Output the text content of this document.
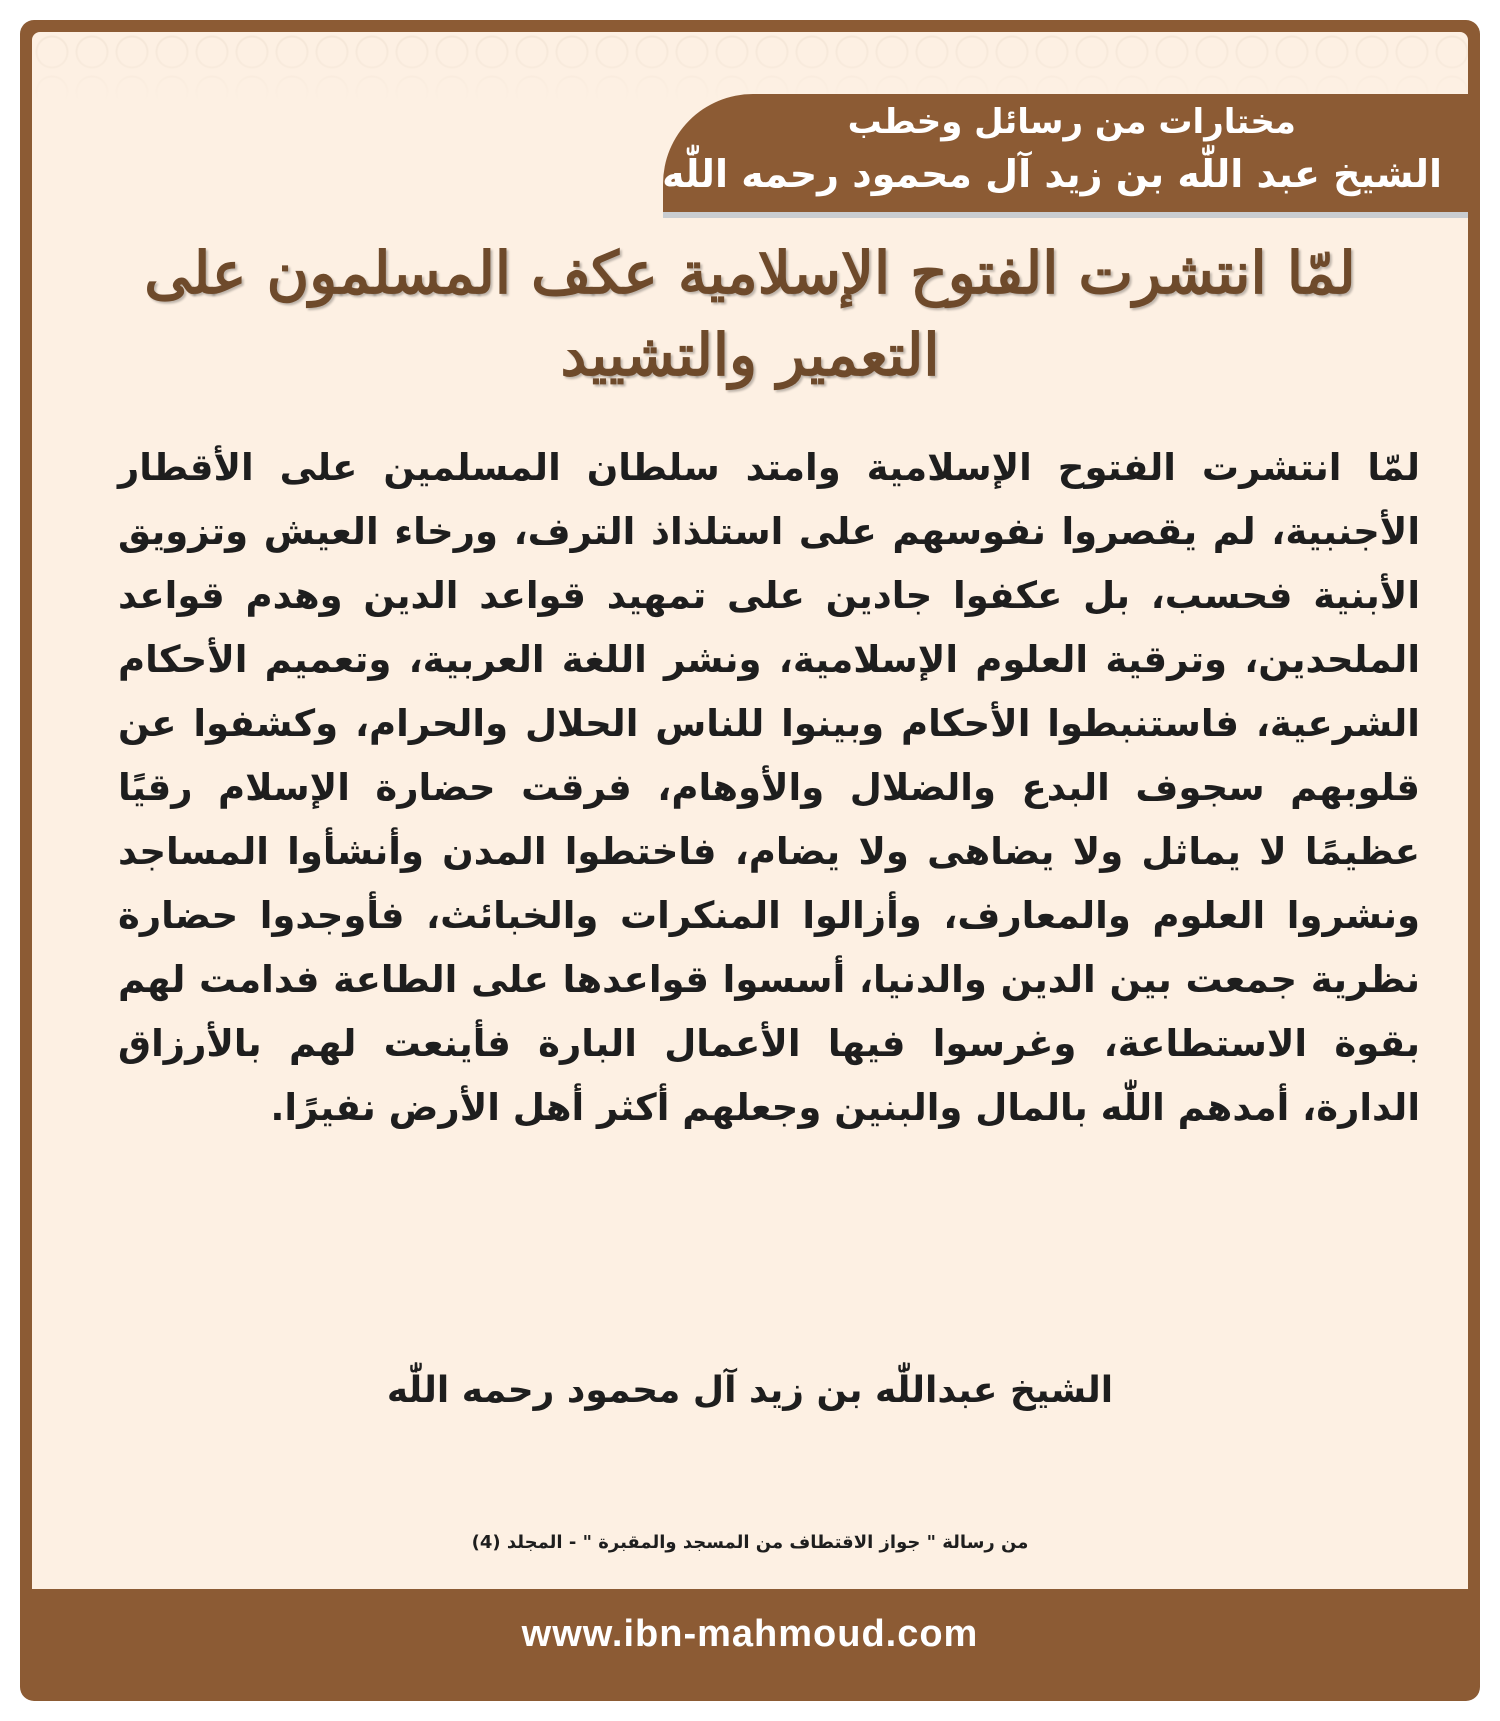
مختارات من رسائل وخطب
الشيخ عبد اللّٰه بن زيد آل محمود رحمه اللّٰه
لمّا انتشرت الفتوح الإسلامية عكف المسلمون على التعمير والتشييد
لمّا انتشرت الفتوح الإسلامية وامتد سلطان المسلمين على الأقطار الأجنبية، لم يقصروا نفوسهم على استلذاذ الترف، ورخاء العيش وتزويق الأبنية فحسب، بل عكفوا جادين على تمهيد قواعد الدين وهدم قواعد الملحدين، وترقية العلوم الإسلامية، ونشر اللغة العربية، وتعميم الأحكام الشرعية، فاستنبطوا الأحكام وبينوا للناس الحلال والحرام، وكشفوا عن قلوبهم سجوف البدع والضلال والأوهام، فرقت حضارة الإسلام رقيًا عظيمًا لا يماثل ولا يضاهى ولا يضام، فاختطوا المدن وأنشأوا المساجد ونشروا العلوم والمعارف، وأزالوا المنكرات والخبائث، فأوجدوا حضارة نظرية جمعت بين الدين والدنيا، أسسوا قواعدها على الطاعة فدامت لهم بقوة الاستطاعة، وغرسوا فيها الأعمال البارة فأينعت لهم بالأرزاق الدارة، أمدهم اللّٰه بالمال والبنين وجعلهم أكثر أهل الأرض نفيرًا.
الشيخ عبداللّٰه بن زيد آل محمود رحمه اللّٰه
من رسالة " جواز الاقتطاف من المسجد والمقبرة " - المجلد (4)
www.ibn-mahmoud.com
